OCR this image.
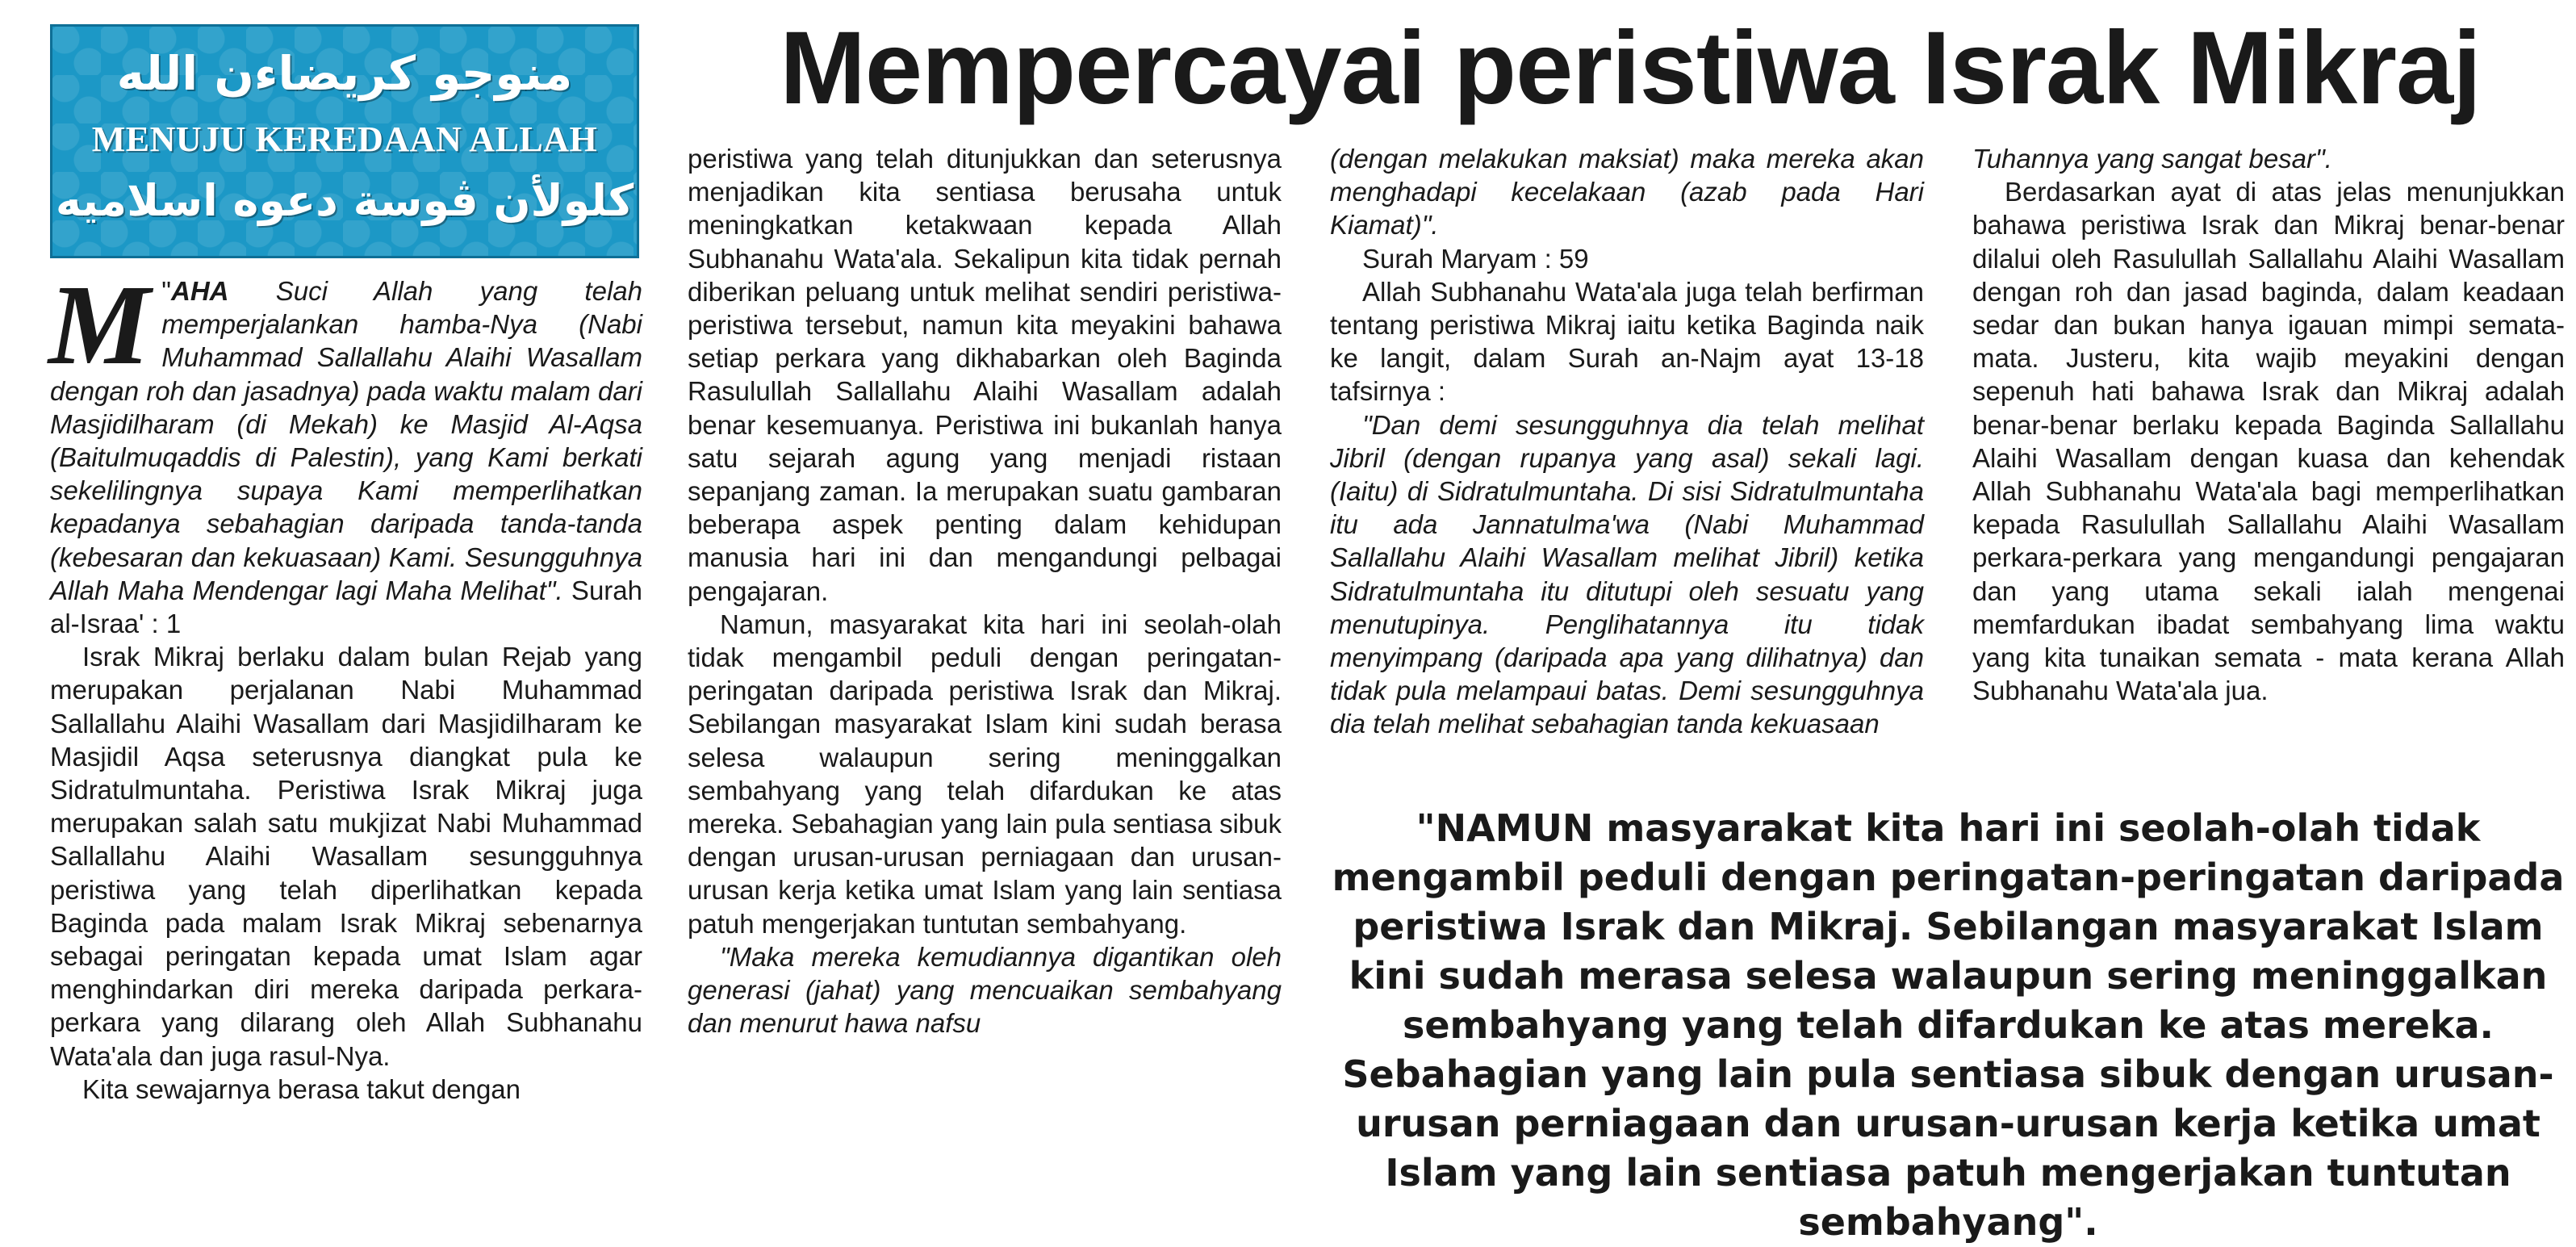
منوجو كريضاءن الله
MENUJU KEREDAAN ALLAH
كلولأن ڤوسة دعوه اسلاميه
Mempercayai peristiwa Israk Mikraj

"
M AHA Suci Allah yang telah memperjalankan hamba-Nya (Nabi Muhammad Sallallahu Alaihi Wasallam dengan roh dan jasadnya) pada waktu malam dari Masjidilharam (di Mekah) ke Masjid Al-Aqsa (Baitulmuqaddis di Palestin), yang Kami berkati sekelilingnya supaya Kami memperlihatkan kepadanya sebahagian daripada tanda-tanda (kebesaran dan kekuasaan) Kami. Sesungguhnya Allah Maha Mendengar lagi Maha Melihat". Surah al-Israa' : 1

Israk Mikraj berlaku dalam bulan Rejab yang merupakan perjalanan Nabi Muhammad Sallallahu Alaihi Wasallam dari Masjidilharam ke Masjidil Aqsa seterusnya diangkat pula ke Sidratulmuntaha. Peristiwa Israk Mikraj juga merupakan salah satu mukjizat Nabi Muhammad Sallallahu Alaihi Wasallam sesungguhnya peristiwa yang telah diperlihatkan kepada Baginda pada malam Israk Mikraj sebenarnya sebagai peringatan kepada umat Islam agar menghindarkan diri mereka daripada perkara-perkara yang dilarang oleh Allah Subhanahu Wata'ala dan juga rasul-Nya.

Kita sewajarnya berasa takut dengan

peristiwa yang telah ditunjukkan dan seterusnya menjadikan kita sentiasa berusaha untuk meningkatkan ketakwaan kepada Allah Subhanahu Wata'ala. Sekalipun kita tidak pernah diberikan peluang untuk melihat sendiri peristiwa-peristiwa tersebut, namun kita meyakini bahawa setiap perkara yang dikhabarkan oleh Baginda Rasulullah Sallallahu Alaihi Wasallam adalah benar kesemuanya. Peristiwa ini bukanlah hanya satu sejarah agung yang menjadi ristaan sepanjang zaman. Ia merupakan suatu gambaran beberapa aspek penting dalam kehidupan manusia hari ini dan mengandungi pelbagai pengajaran.

Namun, masyarakat kita hari ini seolah-olah tidak mengambil peduli dengan peringatan-peringatan daripada peristiwa Israk dan Mikraj. Sebilangan masyarakat Islam kini sudah berasa selesa walaupun sering meninggalkan sembahyang yang telah difardukan ke atas mereka. Sebahagian yang lain pula sentiasa sibuk dengan urusan-urusan perniagaan dan urusan-urusan kerja ketika umat Islam yang lain sentiasa patuh mengerjakan tuntutan sembahyang.

"Maka mereka kemudiannya digantikan oleh generasi (jahat) yang mencuaikan sembahyang dan menurut hawa nafsu

(dengan melakukan maksiat) maka mereka akan menghadapi kecelakaan (azab pada Hari Kiamat)".

Surah Maryam : 59

Allah Subhanahu Wata'ala juga telah berfirman tentang peristiwa Mikraj iaitu ketika Baginda naik ke langit, dalam Surah an-Najm ayat 13-18 tafsirnya :

"Dan demi sesungguhnya dia telah melihat Jibril (dengan rupanya yang asal) sekali lagi. (Iaitu) di Sidratulmuntaha. Di sisi Sidratulmuntaha itu ada Jannatulma'wa (Nabi Muhammad Sallallahu Alaihi Wasallam melihat Jibril) ketika Sidratulmuntaha itu ditutupi oleh sesuatu yang menutupinya. Penglihatannya itu tidak menyimpang (daripada apa yang dilihatnya) dan tidak pula melampaui batas. Demi sesungguhnya dia telah melihat sebahagian tanda kekuasaan

Tuhannya yang sangat besar".

Berdasarkan ayat di atas jelas menunjukkan bahawa peristiwa Israk dan Mikraj benar-benar dilalui oleh Rasulullah Sallallahu Alaihi Wasallam dengan roh dan jasad baginda, dalam keadaan sedar dan bukan hanya igauan mimpi semata-mata. Justeru, kita wajib meyakini dengan sepenuh hati bahawa Israk dan Mikraj adalah benar-benar berlaku kepada Baginda Sallallahu Alaihi Wasallam dengan kuasa dan kehendak Allah Subhanahu Wata'ala bagi memperlihatkan kepada Rasulullah Sallallahu Alaihi Wasallam perkara-perkara yang mengandungi pengajaran dan yang utama sekali ialah mengenai memfardukan ibadat sembahyang lima waktu yang kita tunaikan semata - mata kerana Allah Subhanahu Wata'ala jua.

"NAMUN masyarakat kita hari ini seolah-olah tidak mengambil peduli dengan peringatan-peringatan daripada peristiwa Israk dan Mikraj. Sebilangan masyarakat Islam kini sudah merasa selesa walaupun sering meninggalkan sembahyang yang telah difardukan ke atas mereka. Sebahagian yang lain pula sentiasa sibuk dengan urusan-urusan perniagaan dan urusan-urusan kerja ketika umat Islam yang lain sentiasa patuh mengerjakan tuntutan sembahyang".
